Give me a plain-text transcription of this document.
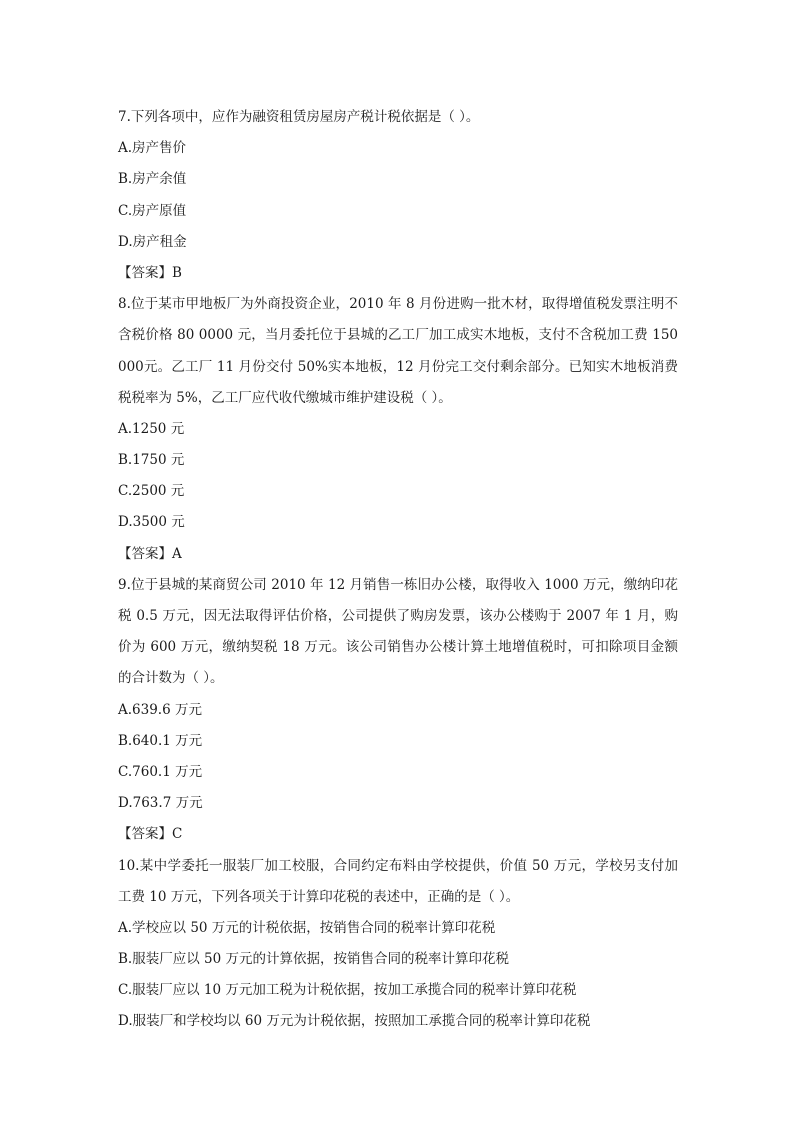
7.下列各项中，应作为融资租赁房屋房产税计税依据是（ ）。

A.房产售价

B.房产余值

C.房产原值

D.房产租金

【答案】B

8.位于某市甲地板厂为外商投资企业，2010 年 8 月份进购一批木材，取得增值税发票注明不

含税价格 80 0000 元，当月委托位于县城的乙工厂加工成实木地板，支付不含税加工费 150

000元。乙工厂 11 月份交付 50%实本地板，12 月份完工交付剩余部分。已知实木地板消费

税税率为 5%，乙工厂应代收代缴城市维护建设税（ ）。

A.1250 元

B.1750 元

C.2500 元

D.3500 元

【答案】A

9.位于县城的某商贸公司 2010 年 12 月销售一栋旧办公楼，取得收入 1000 万元，缴纳印花

税 0.5 万元，因无法取得评估价格，公司提供了购房发票，该办公楼购于 2007 年 1 月，购

价为 600 万元，缴纳契税 18 万元。该公司销售办公楼计算土地增值税时，可扣除项目金额

的合计数为（ ）。

A.639.6 万元

B.640.1 万元

C.760.1 万元

D.763.7 万元

【答案】C

10.某中学委托一服装厂加工校服，合同约定布料由学校提供，价值 50 万元，学校另支付加

工费 10 万元，下列各项关于计算印花税的表述中，正确的是（ ）。

A.学校应以 50 万元的计税依据，按销售合同的税率计算印花税

B.服装厂应以 50 万元的计算依据，按销售合同的税率计算印花税

C.服装厂应以 10 万元加工税为计税依据，按加工承揽合同的税率计算印花税

D.服装厂和学校均以 60 万元为计税依据，按照加工承揽合同的税率计算印花税
